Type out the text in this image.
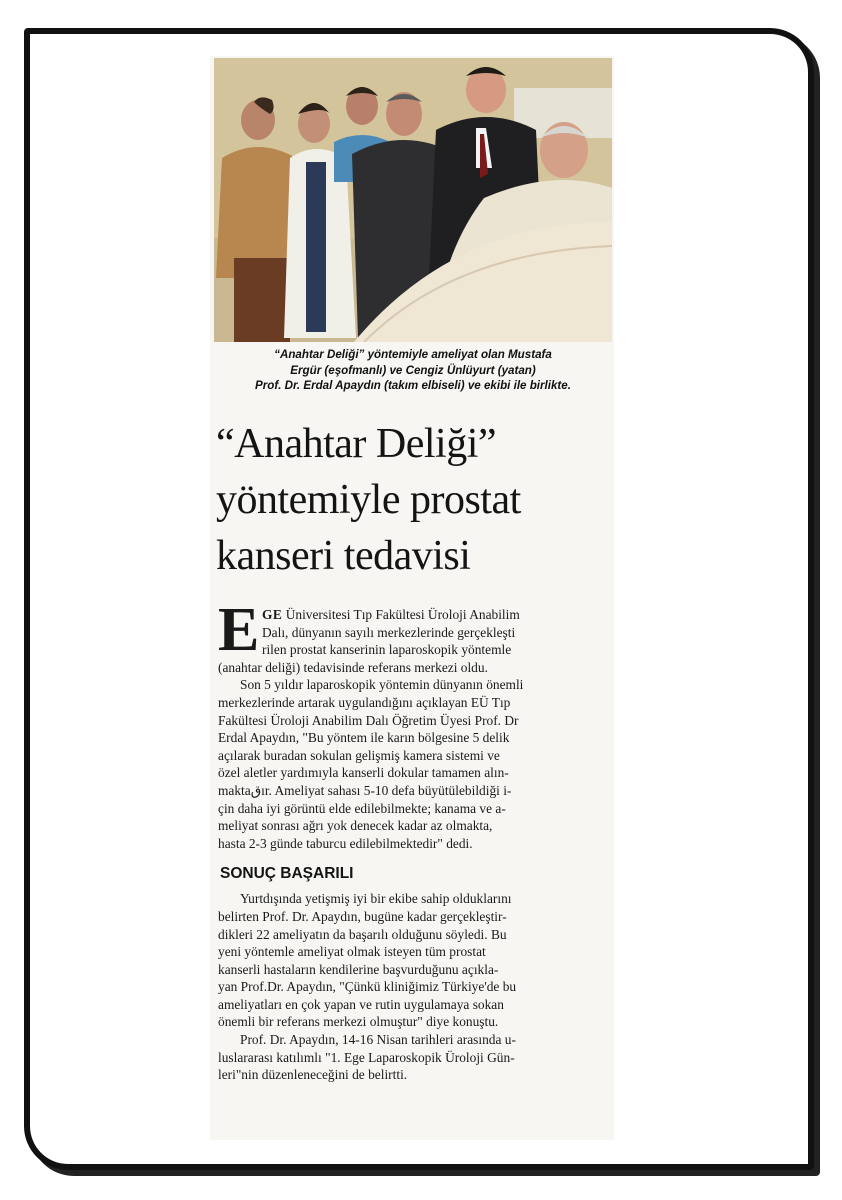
“Anahtar Deliği” yöntemiyle ameliyat olan Mustafa
Ergür (eşofmanlı) ve Cengiz Ünlüyurt (yatan)
Prof. Dr. Erdal Apaydın (takım elbiseli) ve ekibi ile birlikte.
“Anahtar Deliği”
yöntemiyle prostat
kanseri tedavisi
E GE Üniversitesi Tıp Fakültesi Üroloji Anabilim
Dalı, dünyanın sayılı merkezlerinde gerçekleşti
rilen prostat kanserinin laparoskopik yöntemle
(anahtar deliği) tedavisinde referans merkezi oldu.
Son 5 yıldır laparoskopik yöntemin dünyanın önemli
merkezlerinde artarak uygulandığını açıklayan EÜ Tıp
Fakültesi Üroloji Anabilim Dalı Öğretim Üyesi Prof. Dr
Erdal Apaydın, "Bu yöntem ile karın bölgesine 5 delik
açılarak buradan sokulan gelişmiş kamera sistemi ve
özel aletler yardımıyla kanserli dokular tamamen alın-
maktaقır. Ameliyat sahası 5-10 defa büyütülebildiği i-
çin daha iyi görüntü elde edilebilmekte; kanama ve a-
meliyat sonrası ağrı yok denecek kadar az olmakta,
hasta 2-3 günde taburcu edilebilmektedir" dedi.
SONUÇ BAŞARILI
Yurtdışında yetişmiş iyi bir ekibe sahip olduklarını
belirten Prof. Dr. Apaydın, bugüne kadar gerçekleştir-
dikleri 22 ameliyatın da başarılı olduğunu söyledi. Bu
yeni yöntemle ameliyat olmak isteyen tüm prostat
kanserli hastaların kendilerine başvurduğunu açıkla-
yan Prof.Dr. Apaydın, "Çünkü kliniğimiz Türkiye'de bu
ameliyatları en çok yapan ve rutin uygulamaya sokan
önemli bir referans merkezi olmuştur" diye konuştu.
Prof. Dr. Apaydın, 14-16 Nisan tarihleri arasında u-
luslararası katılımlı "1. Ege Laparoskopik Üroloji Gün-
leri"nin düzenleneceğini de belirtti.
